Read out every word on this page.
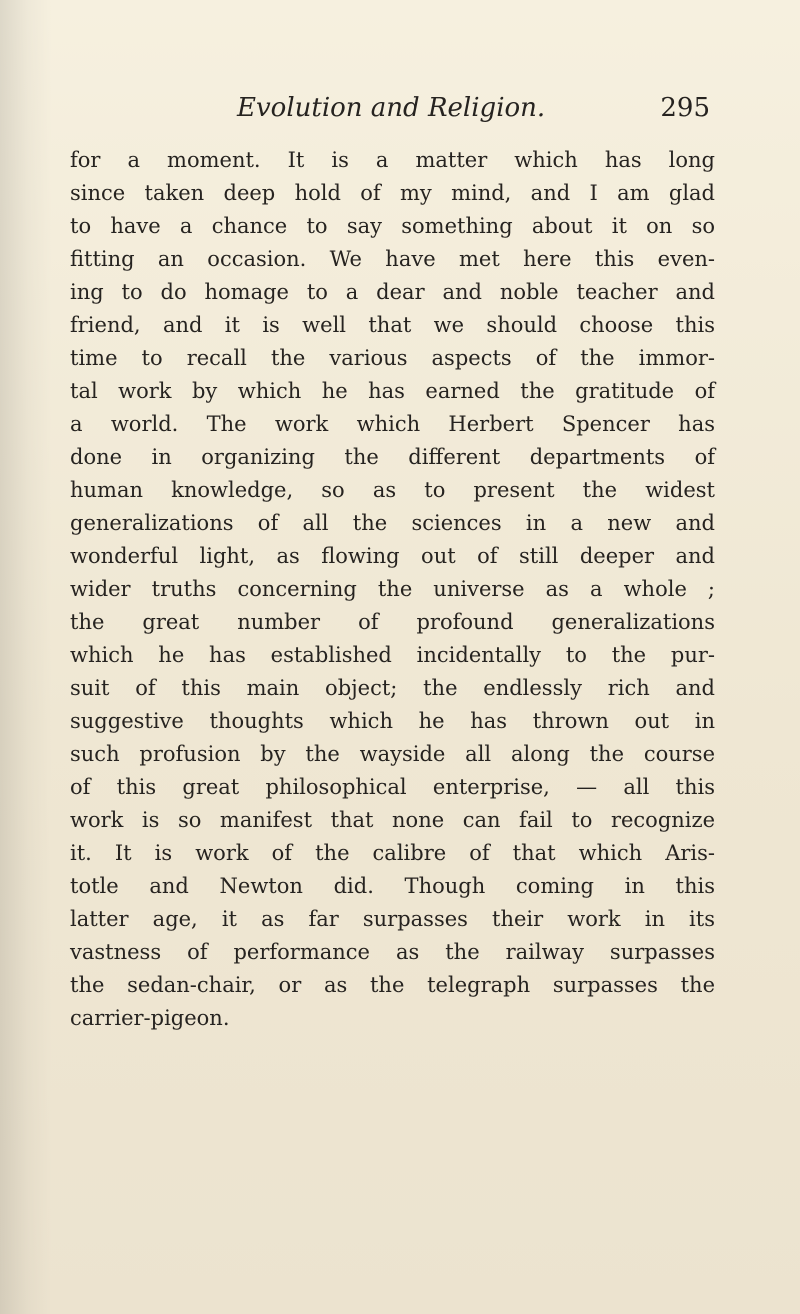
Evolution and Religion.	295
for a moment. It is a matter which has long
since taken deep hold of my mind, and I am glad
to have a chance to say something about it on so
fitting an occasion. We have met here this even-
ing to do homage to a dear and noble teacher and
friend, and it is well that we should choose this
time to recall the various aspects of the immor-
tal work by which he has earned the gratitude of
a world. The work which Herbert Spencer has
done in organizing the different departments of
human knowledge, so as to present the widest
generalizations of all the sciences in a new and
wonderful light, as flowing out of still deeper and
wider truths concerning the universe as a whole ;
the great number of profound generalizations
which he has established incidentally to the pur-
suit of this main object; the endlessly rich and
suggestive thoughts which he has thrown out in
such profusion by the wayside all along the course
of this great philosophical enterprise, — all this
work is so manifest that none can fail to recognize
it. It is work of the calibre of that which Aris-
totle and Newton did. Though coming in this
latter age, it as far surpasses their work in its
vastness of performance as the railway surpasses
the sedan-chair, or as the telegraph surpasses the
carrier-pigeon.
